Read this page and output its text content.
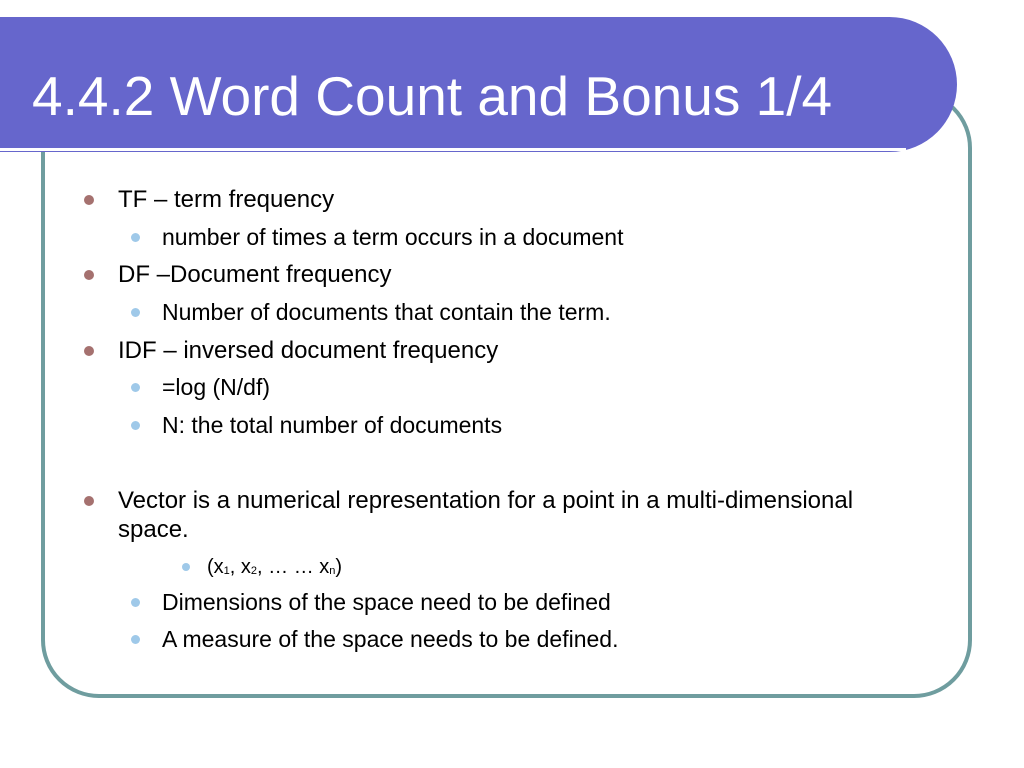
4.4.2 Word Count and Bonus 1/4
TF – term frequency
number of times a term occurs in a document
DF –Document frequency
Number of documents that contain the term.
IDF – inversed document frequency
=log (N/df)
N: the total number of documents
Vector is a numerical representation for a point in a multi-dimensional space.
($x_1$, $x_2$, … … $x_n$)
Dimensions of the space need to be defined
A measure of the space needs to be defined.
